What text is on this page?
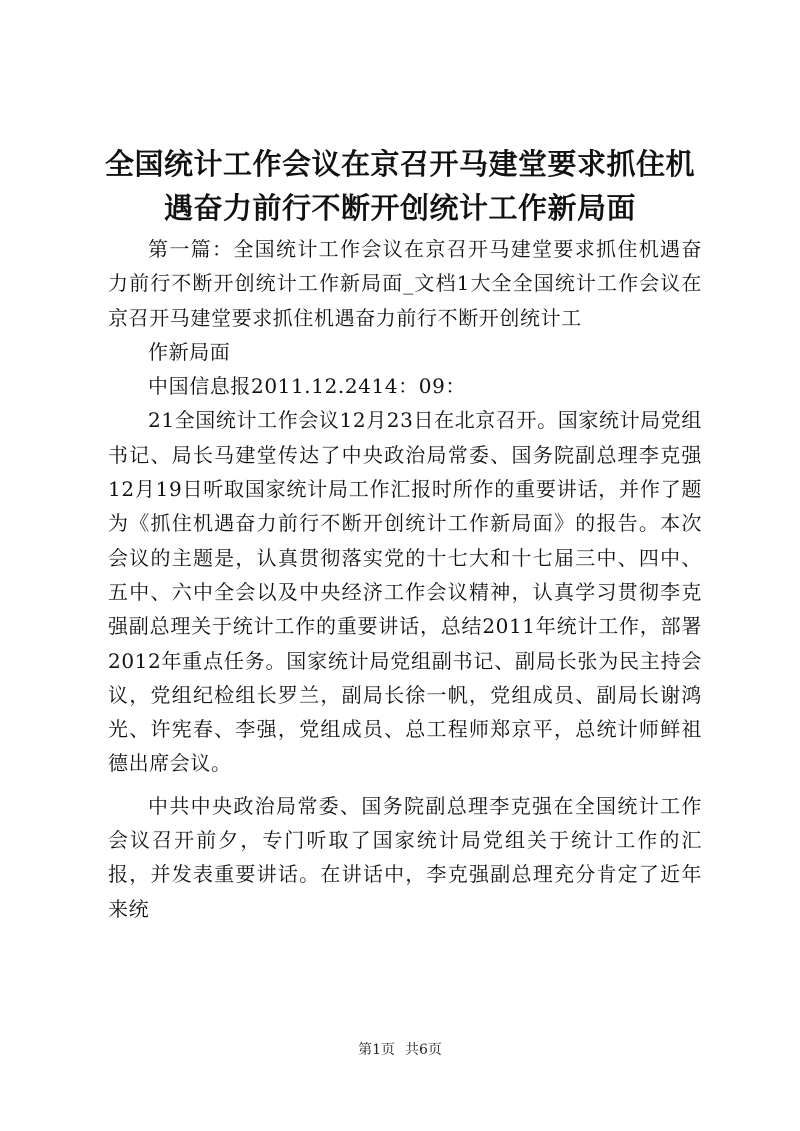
全国统计工作会议在京召开马建堂要求抓住机
遇奋力前行不断开创统计工作新局面

第一篇：全国统计工作会议在京召开马建堂要求抓住机遇奋力前行不断开创统计工作新局面_文档1大全全国统计工作会议在京召开马建堂要求抓住机遇奋力前行不断开创统计工

作新局面

中国信息报2011.12.2414：09：

21全国统计工作会议12月23日在北京召开。国家统计局党组书记、局长马建堂传达了中央政治局常委、国务院副总理李克强12月19日听取国家统计局工作汇报时所作的重要讲话，并作了题为《抓住机遇奋力前行不断开创统计工作新局面》的报告。本次会议的主题是，认真贯彻落实党的十七大和十七届三中、四中、五中、六中全会以及中央经济工作会议精神，认真学习贯彻李克强副总理关于统计工作的重要讲话，总结2011年统计工作，部署2012年重点任务。国家统计局党组副书记、副局长张为民主持会议，党组纪检组长罗兰，副局长徐一帆，党组成员、副局长谢鸿光、许宪春、李强，党组成员、总工程师郑京平，总统计师鲜祖德出席会议。

中共中央政治局常委、国务院副总理李克强在全国统计工作会议召开前夕，专门听取了国家统计局党组关于统计工作的汇报，并发表重要讲话。在讲话中，李克强副总理充分肯定了近年来统

第1页 共6页
